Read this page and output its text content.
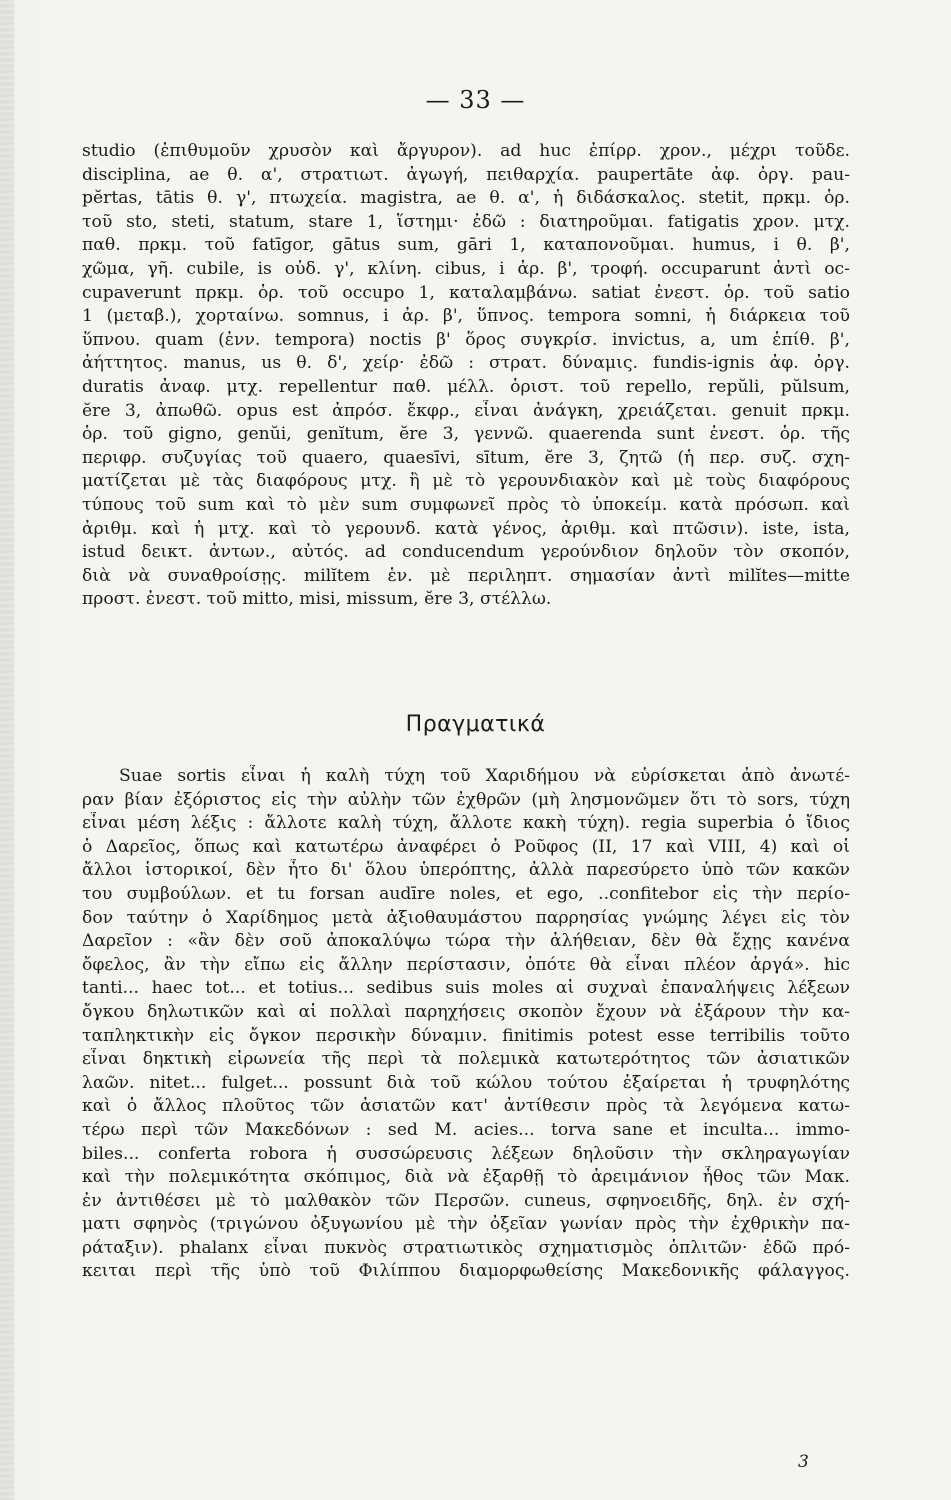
— 33 —
studio (ἐπιθυμοῦν χρυσὸν καὶ ἄργυρον). ad huc ἐπίρρ. χρον., μέχρι τοῦδε.
disciplina, ae θ. α', στρατιωτ. ἀγωγή, πειθαρχία. paupertāte ἀφ. ὀργ. pau-
pĕrtas, tātis θ. γ', πτωχεία. magistra, ae θ. α', ἡ διδάσκαλος. stetit, πρκμ. ὁρ.
τοῦ sto, steti, statum, stare 1, ἵστημι· ἐδῶ : διατηροῦμαι. fatigatis χρον. μτχ.
παθ. πρκμ. τοῦ fatīgor, gātus sum, gāri 1, καταπονοῦμαι. humus, i θ. β',
χῶμα, γῆ. cubile, is οὐδ. γ', κλίνη. cibus, i ἀρ. β', τροφή. occuparunt ἀντὶ oc-
cupaverunt πρκμ. ὁρ. τοῦ occupo 1, καταλαμβάνω. satiat ἐνεστ. ὁρ. τοῦ satio
1 (μεταβ.), χορταίνω. somnus, i ἀρ. β', ὕπνος. tempora somni, ἡ διάρκεια τοῦ
ὕπνου. quam (ἐνν. tempora) noctis β' ὅρος συγκρίσ. invictus, a, um ἐπίθ. β',
ἀήττητος. manus, us θ. δ', χείρ· ἐδῶ : στρατ. δύναμις. fundis-ignis ἀφ. ὀργ.
duratis ἀναφ. μτχ. repellentur παθ. μέλλ. ὁριστ. τοῦ repello, repŭli, pŭlsum,
ĕre 3, ἀπωθῶ. opus est ἀπρόσ. ἔκφρ., εἶναι ἀνάγκη, χρειάζεται. genuit πρκμ.
ὁρ. τοῦ gigno, genŭi, genĭtum, ĕre 3, γεννῶ. quaerenda sunt ἐνεστ. ὁρ. τῆς
περιφρ. συζυγίας τοῦ quaero, quaesīvi, sītum, ĕre 3, ζητῶ (ἡ περ. συζ. σχη-
ματίζεται μὲ τὰς διαφόρους μτχ. ἢ μὲ τὸ γερουνδιακὸν καὶ μὲ τοὺς διαφόρους
τύπους τοῦ sum καὶ τὸ μὲν sum συμφωνεῖ πρὸς τὸ ὑποκείμ. κατὰ πρόσωπ. καὶ
ἀριθμ. καὶ ἡ μτχ. καὶ τὸ γερουνδ. κατὰ γένος, ἀριθμ. καὶ πτῶσιν). iste, ista,
istud δεικτ. ἀντων., αὐτός. ad conducendum γερούνδιον δηλοῦν τὸν σκοπόν,
διὰ νὰ συναθροίσῃς. milĭtem ἑν. μὲ περιληπτ. σημασίαν ἀντὶ milĭtes—mitte
προστ. ἐνεστ. τοῦ mitto, misi, missum, ĕre 3, στέλλω.
Πραγματικά
Suae sortis εἶναι ἡ καλὴ τύχη τοῦ Χαριδήμου νὰ εὑρίσκεται ἀπὸ ἀνωτέ-
ραν βίαν ἐξόριστος εἰς τὴν αὐλὴν τῶν ἐχθρῶν (μὴ λησμονῶμεν ὅτι τὸ sors, τύχη
εἶναι μέση λέξις : ἄλλοτε καλὴ τύχη, ἄλλοτε κακὴ τύχη). regia superbia ὁ ἴδιος
ὁ Δαρεῖος, ὅπως καὶ κατωτέρω ἀναφέρει ὁ Ροῦφος (II, 17 καὶ VIII, 4) καὶ οἱ
ἄλλοι ἱστορικοί, δὲν ἦτο δι' ὅλου ὑπερόπτης, ἀλλὰ παρεσύρετο ὑπὸ τῶν κακῶν
του συμβούλων. et tu forsan audīre noles, et ego, ..confitebor εἰς τὴν περίο-
δον ταύτην ὁ Χαρίδημος μετὰ ἀξιοθαυμάστου παρρησίας γνώμης λέγει εἰς τὸν
Δαρεῖον : «ἂν δὲν σοῦ ἀποκαλύψω τώρα τὴν ἀλήθειαν, δὲν θὰ ἔχῃς κανένα
ὄφελος, ἂν τὴν εἴπω εἰς ἄλλην περίστασιν, ὁπότε θὰ εἶναι πλέον ἀργά». hic
tanti... haec tot... et totius... sedibus suis moles αἱ συχναὶ ἐπαναλήψεις λέξεων
ὄγκου δηλωτικῶν καὶ αἱ πολλαὶ παρηχήσεις σκοπὸν ἔχουν νὰ ἐξάρουν τὴν κα-
ταπληκτικὴν εἰς ὄγκον περσικὴν δύναμιν. finitimis potest esse terribilis τοῦτο
εἶναι δηκτικὴ εἰρωνεία τῆς περὶ τὰ πολεμικὰ κατωτερότητος τῶν ἀσιατικῶν
λαῶν. nitet... fulget... possunt διὰ τοῦ κώλου τούτου ἐξαίρεται ἡ τρυφηλότης
καὶ ὁ ἄλλος πλοῦτος τῶν ἀσιατῶν κατ' ἀντίθεσιν πρὸς τὰ λεγόμενα κατω-
τέρω περὶ τῶν Μακεδόνων : sed M. acies... torva sane et inculta... immo-
biles... conferta robora ἡ συσσώρευσις λέξεων δηλοῦσιν τὴν σκληραγωγίαν
καὶ τὴν πολεμικότητα σκόπιμος, διὰ νὰ ἐξαρθῇ τὸ ἀρειμάνιον ἦθος τῶν Μακ.
ἐν ἀντιθέσει μὲ τὸ μαλθακὸν τῶν Περσῶν. cuneus, σφηνοειδῆς, δηλ. ἐν σχή-
ματι σφηνὸς (τριγώνου ὀξυγωνίου μὲ τὴν ὀξεῖαν γωνίαν πρὸς τὴν ἐχθρικὴν πα-
ράταξιν). phalanx εἶναι πυκνὸς στρατιωτικὸς σχηματισμὸς ὁπλιτῶν· ἐδῶ πρό-
κειται περὶ τῆς ὑπὸ τοῦ Φιλίππου διαμορφωθείσης Μακεδονικῆς φάλαγγος.
3
